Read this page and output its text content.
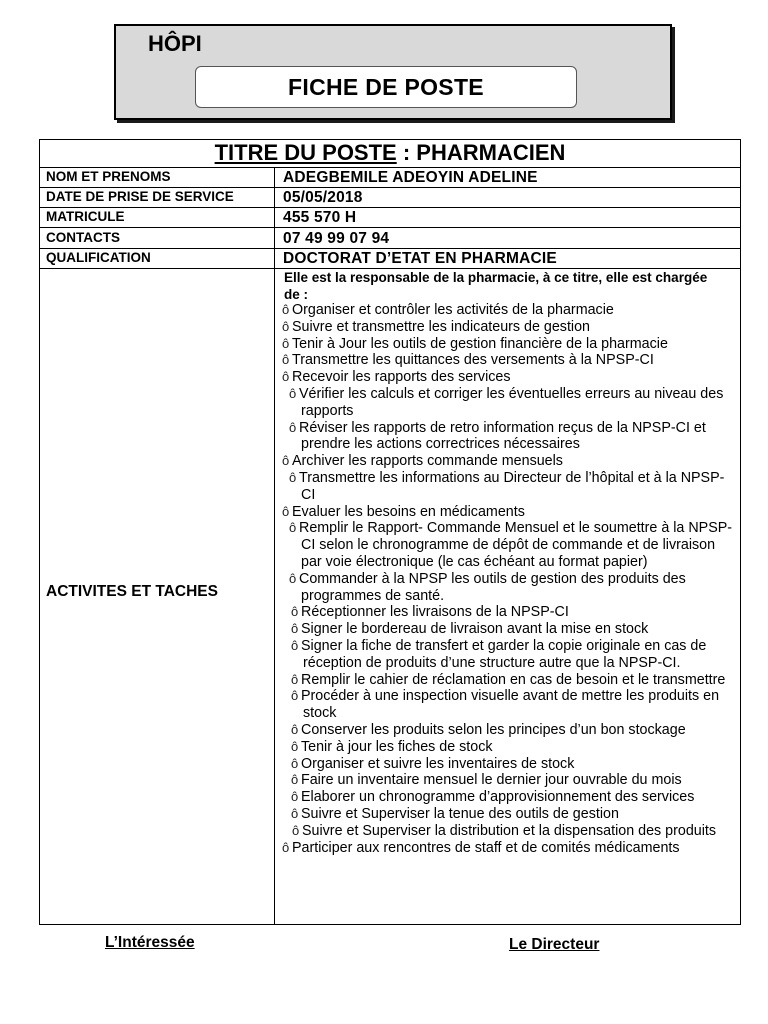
HÔPI
FICHE DE POSTE
TITRE DU POSTE : PHARMACIEN
NOM ET PRENOMS	ADEGBEMILE ADEOYIN ADELINE
DATE DE PRISE DE SERVICE	05/05/2018
MATRICULE	455 570 H
CONTACTS	07 49 99 07 94
QUALIFICATION	DOCTORAT D’ETAT EN PHARMACIE
ACTIVITES ET TACHES
Elle est la responsable de la pharmacie, à ce titre, elle est chargée de :
ô Organiser et contrôler les activités de la pharmacie
ô Suivre et transmettre les indicateurs de gestion
ô Tenir à Jour les outils de gestion financière de la pharmacie
ô Transmettre les quittances des versements à la NPSP-CI
ô Recevoir les rapports des services
ô Vérifier les calculs et corriger les éventuelles erreurs au niveau des rapports
ô Réviser les rapports de retro information reçus de la NPSP-CI et prendre les actions correctrices nécessaires
ô Archiver les rapports commande mensuels
ô Transmettre les informations au Directeur de l’hôpital et à la NPSP-CI
ô Evaluer les besoins en médicaments
ô Remplir le Rapport- Commande Mensuel et le soumettre à la NPSP-CI selon le chronogramme de dépôt de commande et de livraison par voie électronique (le cas échéant au format papier)
ô Commander à la NPSP les outils de gestion des produits des programmes de santé.
ô Réceptionner les livraisons de la NPSP-CI
ô Signer le bordereau de livraison avant la mise en stock
ô Signer la fiche de transfert et garder la copie originale en cas de réception de produits d’une structure autre que la NPSP-CI.
ô Remplir le cahier de réclamation en cas de besoin et le transmettre
ô Procéder à une inspection visuelle avant de mettre les produits en stock
ô Conserver les produits selon les principes d’un bon stockage
ô Tenir à jour les fiches de stock
ô Organiser et suivre les inventaires de stock
ô Faire un inventaire mensuel le dernier jour ouvrable du mois
ô Elaborer un chronogramme d’approvisionnement des services
ô Suivre et Superviser la tenue des outils de gestion
ô Suivre et Superviser la distribution et la dispensation des produits
ô Participer aux rencontres de staff et de comités médicaments
L’Intéressée	Le Directeur
